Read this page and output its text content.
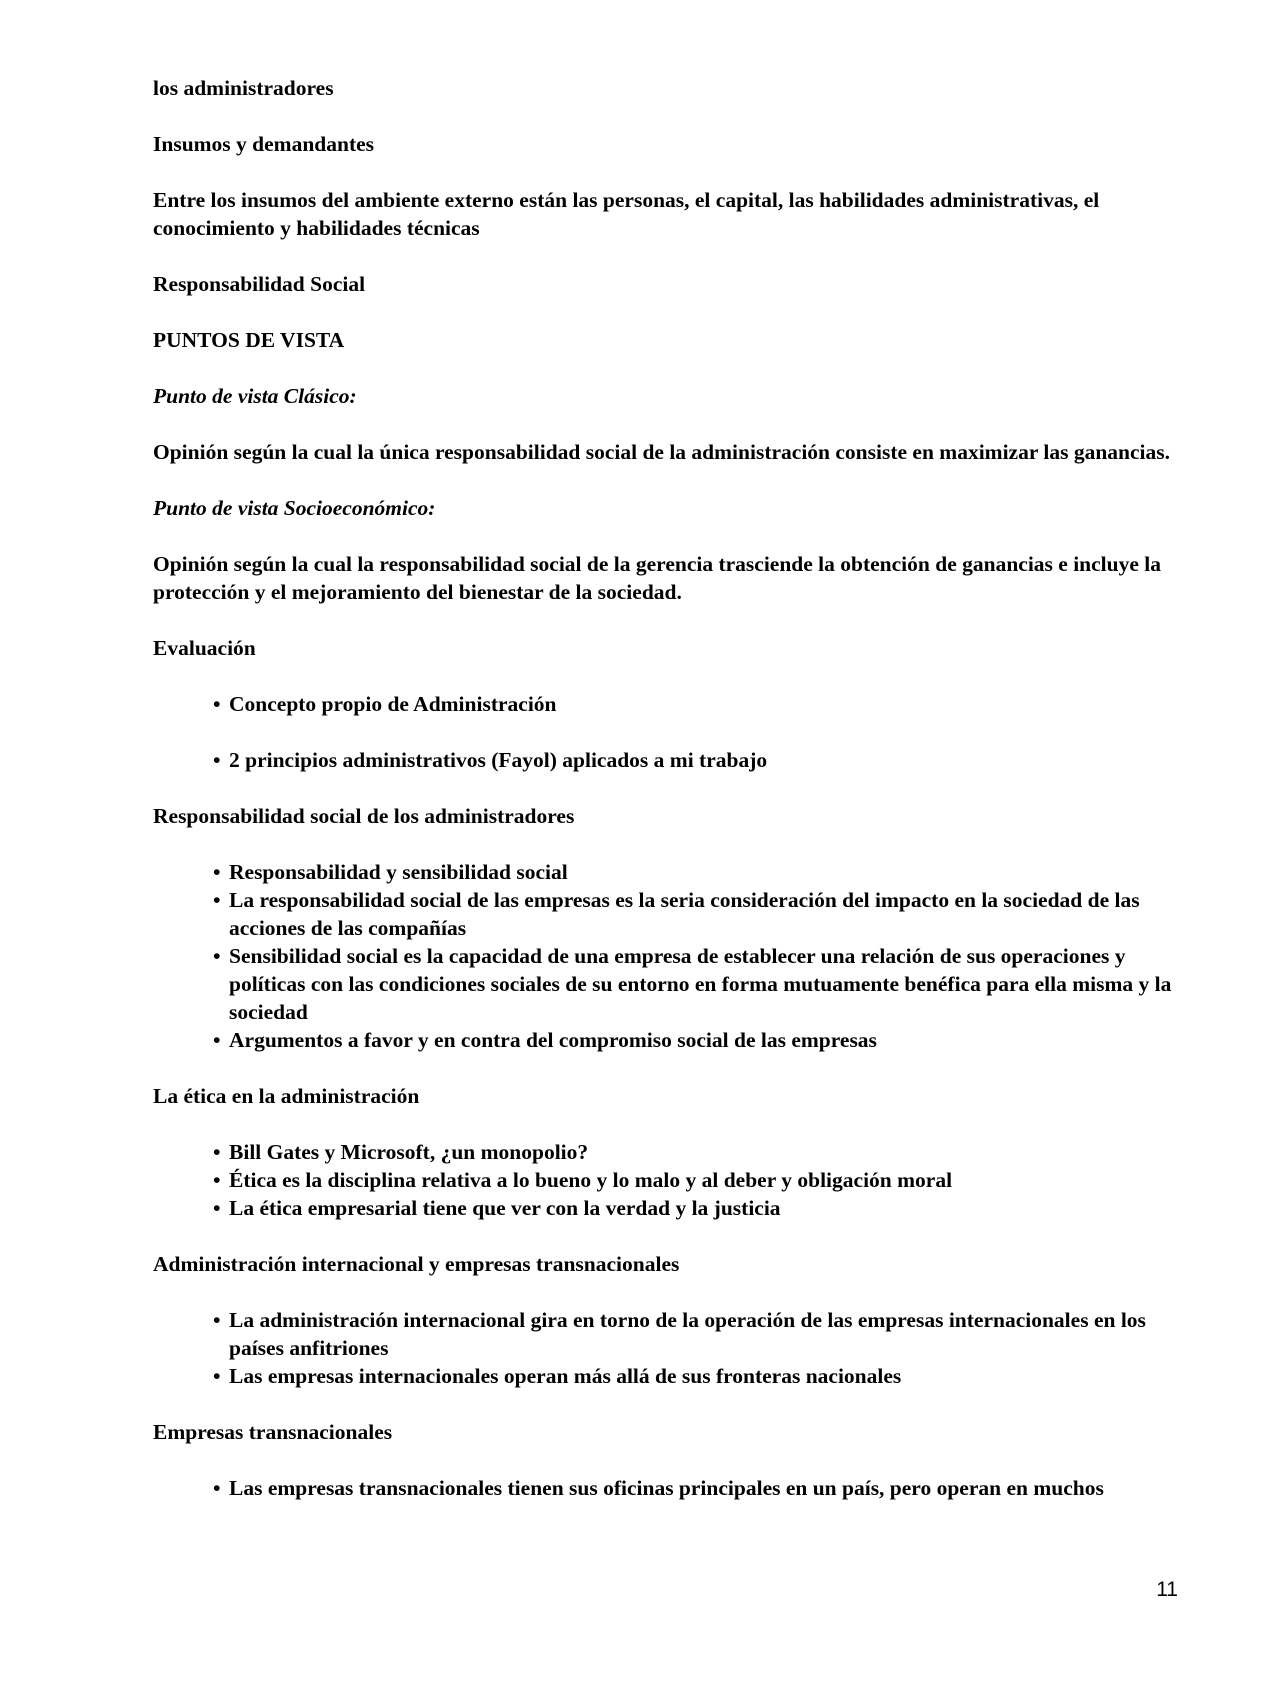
los administradores

Insumos y demandantes

Entre los insumos del ambiente externo están las personas, el capital, las habilidades administrativas, el conocimiento y habilidades técnicas

Responsabilidad Social

PUNTOS DE VISTA

Punto de vista Clásico:

Opinión según la cual la única responsabilidad social de la administración consiste en maximizar las ganancias.

Punto de vista Socioeconómico:

Opinión según la cual la responsabilidad social de la gerencia trasciende la obtención de ganancias e incluye la protección y el mejoramiento del bienestar de la sociedad.

Evaluación

• Concepto propio de Administración
• 2 principios administrativos (Fayol) aplicados a mi trabajo

Responsabilidad social de los administradores

• Responsabilidad y sensibilidad social
• La responsabilidad social de las empresas es la seria consideración del impacto en la sociedad de las acciones de las compañías
• Sensibilidad social es la capacidad de una empresa de establecer una relación de sus operaciones y políticas con las condiciones sociales de su entorno en forma mutuamente benéfica para ella misma y la sociedad
• Argumentos a favor y en contra del compromiso social de las empresas

La ética en la administración

• Bill Gates y Microsoft, ¿un monopolio?
• Ética es la disciplina relativa a lo bueno y lo malo y al deber y obligación moral
• La ética empresarial tiene que ver con la verdad y la justicia

Administración internacional y empresas transnacionales

• La administración internacional gira en torno de la operación de las empresas internacionales en los países anfitriones
• Las empresas internacionales operan más allá de sus fronteras nacionales

Empresas transnacionales

• Las empresas transnacionales tienen sus oficinas principales en un país, pero operan en muchos
11
